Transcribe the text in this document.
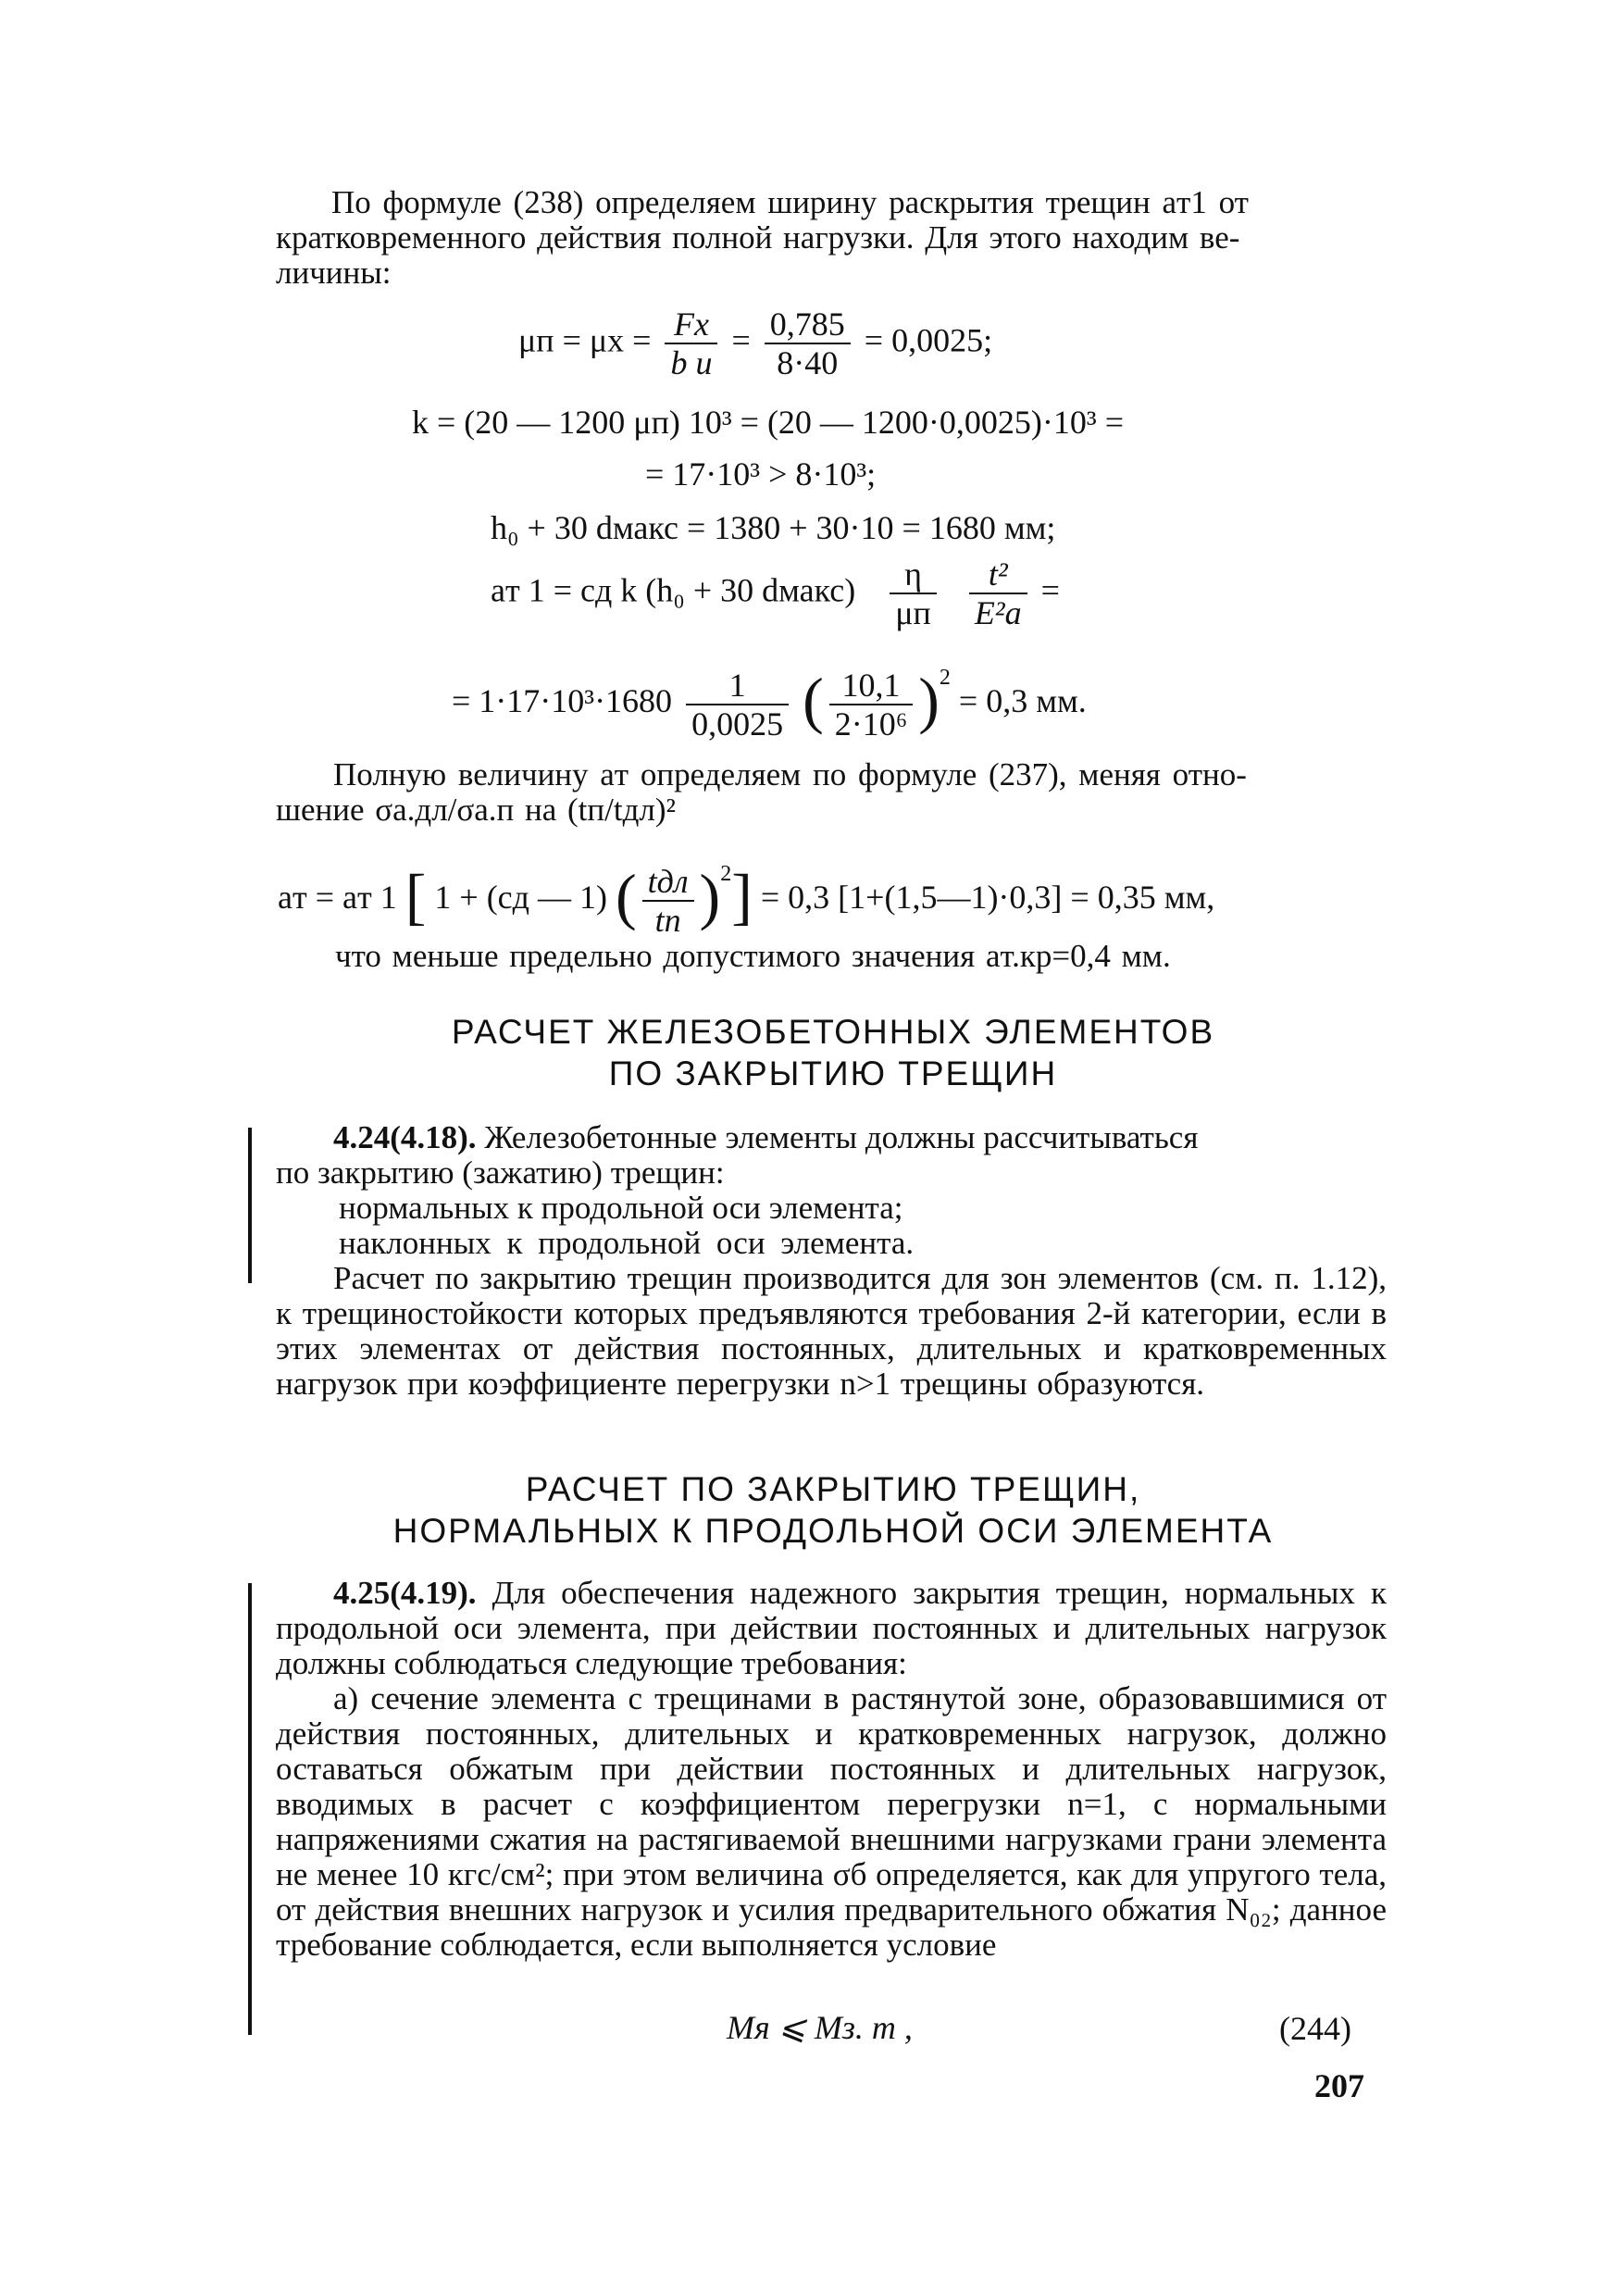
По формуле (238) определяем ширину раскрытия трещин aт1 от

кратковременного действия полной нагрузки. Для этого находим ве-

личины:

$\mu п = \mu х = \frac{Fх}{\text{b u}} = \frac{0,785}{8\cdot 40} = 0,0025$;
k = (20 — 1200 μп) 10³ = (20 — 1200·0,0025)·10³ =
= 17·10³ > 8·10³;
h₀ + 30 dмакс = 1380 + 30·10 = 1680 мм;
aт 1 = cд k (h₀ + 30 dмакс) $\frac{\eta}{\mu п}$
$\frac{\text{t²}}{\text{E²а}}$ =
= $1\cdot 17\cdot 10^3\cdot 1680 \frac{1}{0,0025}$ ( $\frac{10,1}{\text{2·10⁶}} )^2 = 0,3$ мм.

Полную величину aт определяем по формуле (237), меняя отно-

шение σа.дл/σа.п на (tп/tдл)²

aт = aт 1 [ 1 + (cд — 1) ( $\frac{\text{tдл}}{tп} )^2] = 0,3$ [1+(1,5—1)·0,3] = 0,35 мм,
что меньше предельно допустимого значения aт.кр=0,4 мм.

РАСЧЕТ ЖЕЛЕЗОБЕТОННЫХ ЭЛЕМЕНТОВ

ПО ЗАКРЫТИЮ ТРЕЩИН

4.24(4.18). Железобетонные элементы должны рассчитываться

по закрытию (зажатию) трещин:

нормальных к продольной оси элемента;

наклонных к продольной оси элемента.

Расчет по закрытию трещин производится для зон элементов (см. п. 1.12), к трещиностойкости которых предъявляются требования 2-й категории, если в этих элементах от действия постоянных, длительных и кратковременных нагрузок при коэффициенте перегрузки n>1 трещины образуются.

РАСЧЕТ ПО ЗАКРЫТИЮ ТРЕЩИН,

НОРМАЛЬНЫХ К ПРОДОЛЬНОЙ ОСИ ЭЛЕМЕНТА

4.25(4.19). Для обеспечения надежного закрытия трещин, нормальных к продольной оси элемента, при действии постоянных и длительных нагрузок должны соблюдаться следующие требования:

а) сечение элемента с трещинами в растянутой зоне, образовавшимися от действия постоянных, длительных и кратковременных нагрузок, должно оставаться обжатым при действии постоянных и длительных нагрузок, вводимых в расчет с коэффициентом перегрузки n=1, с нормальными напряжениями сжатия на растягиваемой внешними нагрузками грани элемента не менее 10 кгс/см²; при этом величина σб определяется, как для упругого тела, от действия внешних нагрузок и усилия предварительного обжатия N₀₂; данное требование соблюдается, если выполняется условие

Mя ⩽ Mз. т ,	(244)
207
